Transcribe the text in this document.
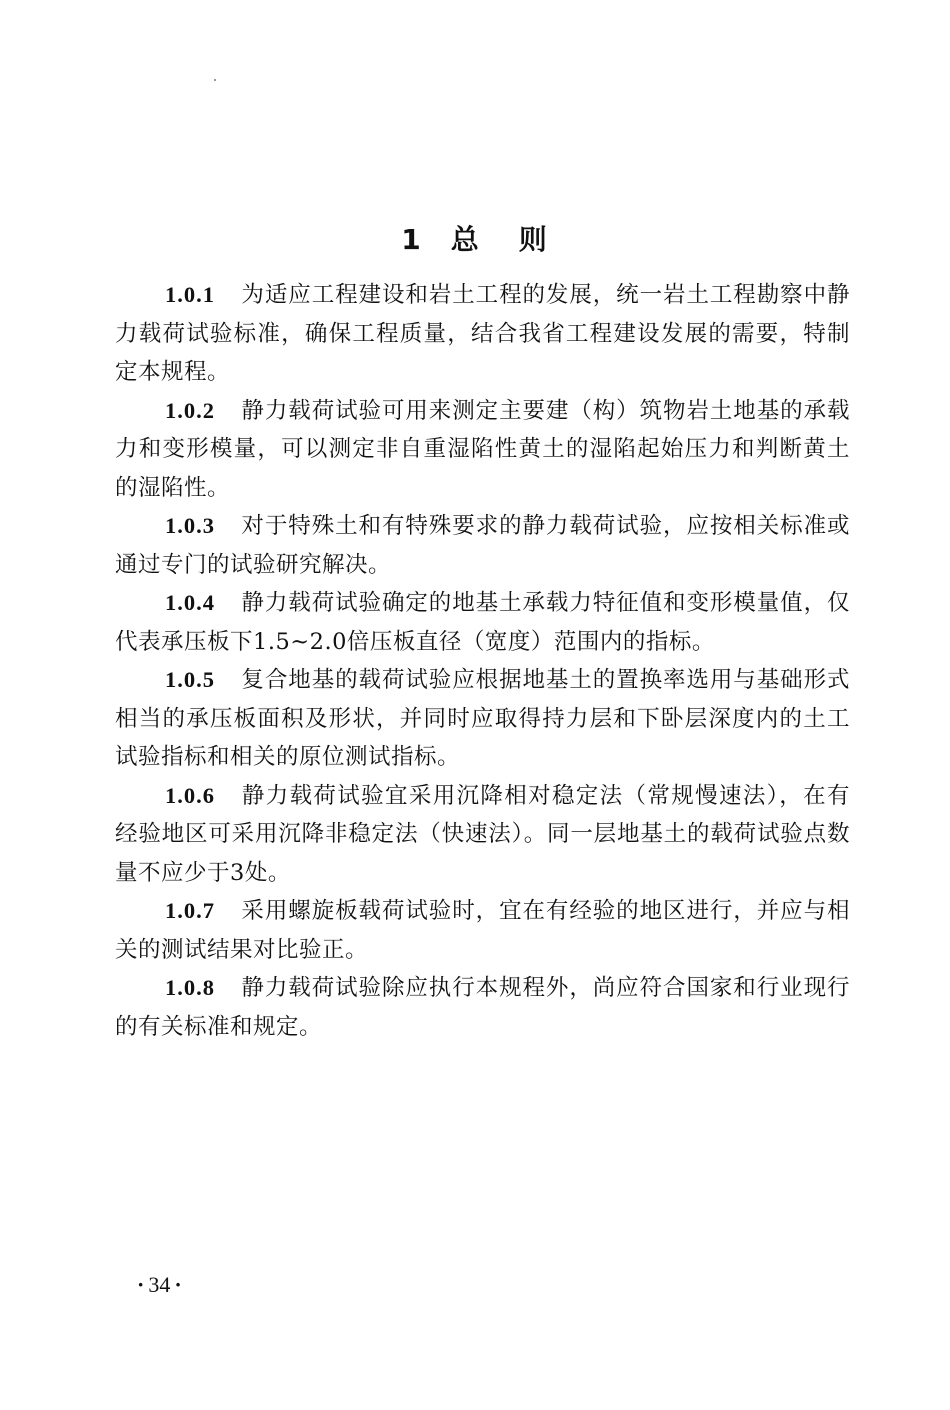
1 总 则

1.0.1 为适应工程建设和岩土工程的发展，统一岩土工程勘察中静力载荷试验标准，确保工程质量，结合我省工程建设发展的需要，特制定本规程。

1.0.2 静力载荷试验可用来测定主要建（构）筑物岩土地基的承载力和变形模量，可以测定非自重湿陷性黄土的湿陷起始压力和判断黄土的湿陷性。

1.0.3 对于特殊土和有特殊要求的静力载荷试验，应按相关标准或通过专门的试验研究解决。

1.0.4 静力载荷试验确定的地基土承载力特征值和变形模量值，仅代表承压板下1.5~2.0倍压板直径（宽度）范围内的指标。

1.0.5 复合地基的载荷试验应根据地基土的置换率选用与基础形式相当的承压板面积及形状，并同时应取得持力层和下卧层深度内的土工试验指标和相关的原位测试指标。

1.0.6 静力载荷试验宜采用沉降相对稳定法（常规慢速法），在有经验地区可采用沉降非稳定法（快速法）。同一层地基土的载荷试验点数量不应少于3处。

1.0.7 采用螺旋板载荷试验时，宜在有经验的地区进行，并应与相关的测试结果对比验正。

1.0.8 静力载荷试验除应执行本规程外，尚应符合国家和行业现行的有关标准和规定。

· 34 ·
